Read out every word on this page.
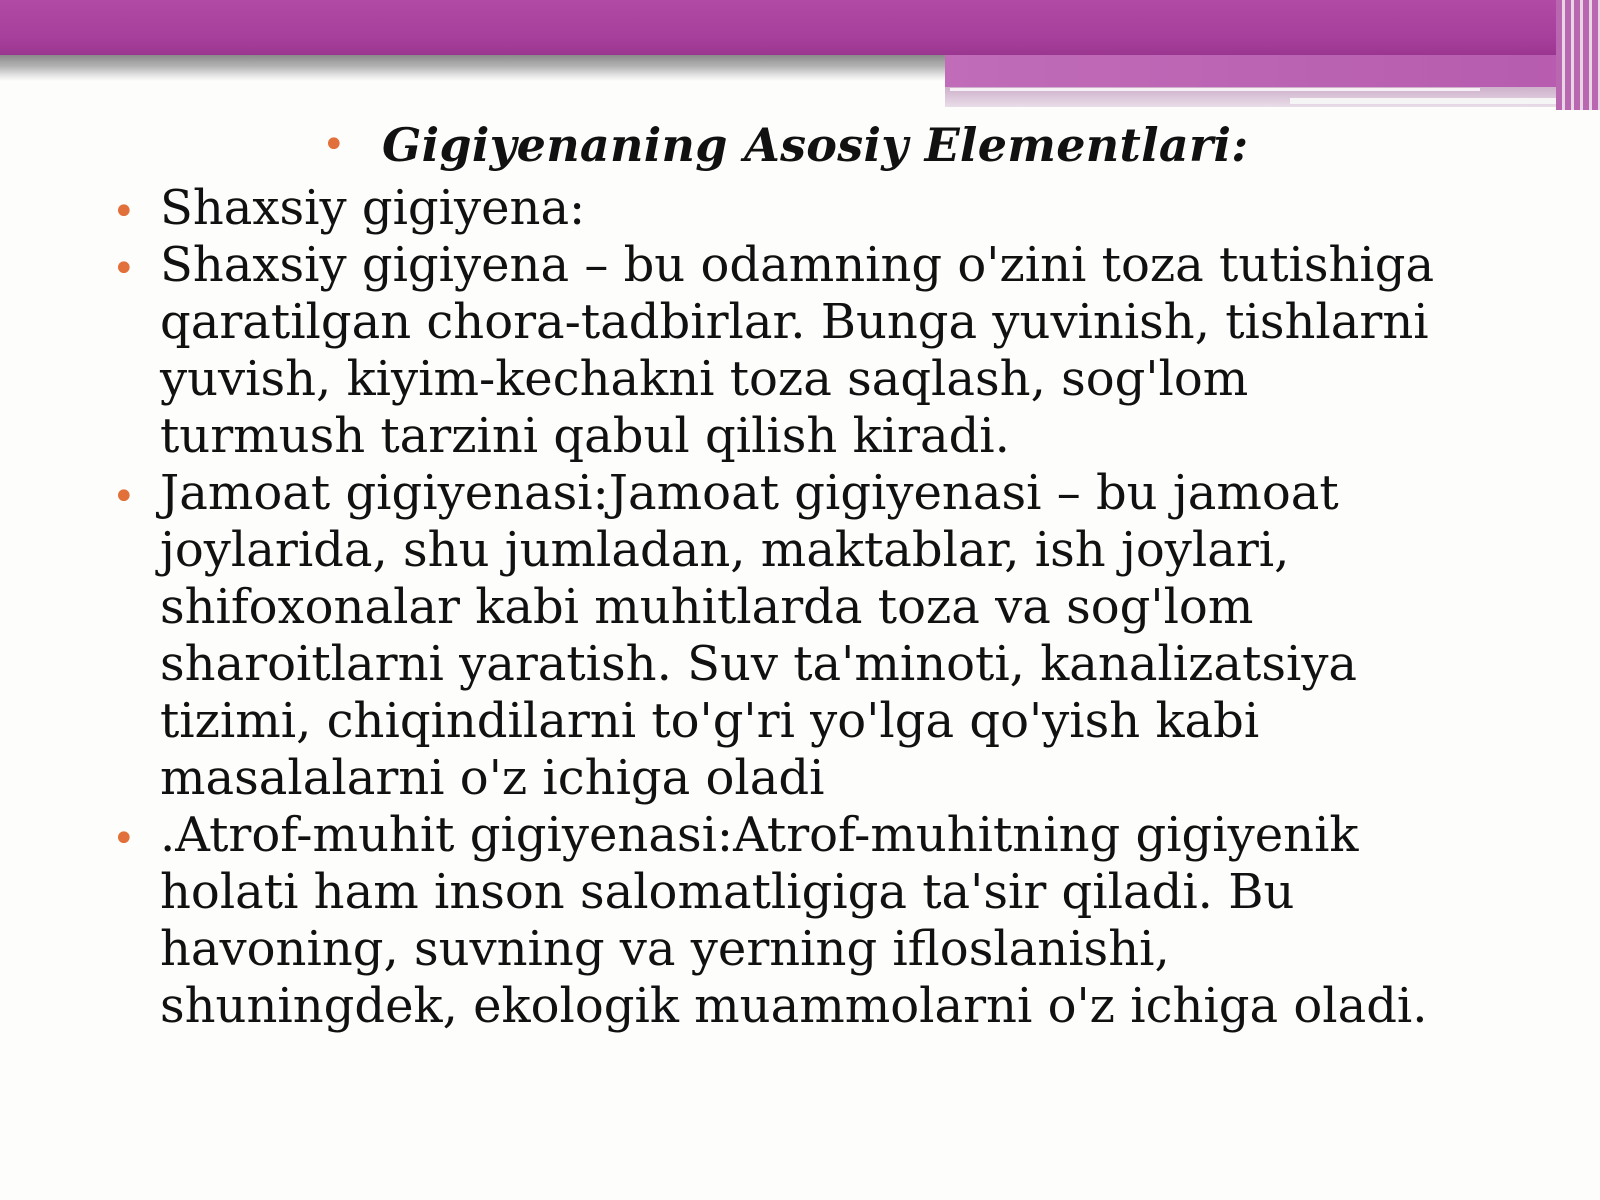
• Gigiyenaning Asosiy Elementlari:
• Shaxsiy gigiyena:
• Shaxsiy gigiyena – bu odamning o'zini toza tutishiga
qaratilgan chora-tadbirlar. Bunga yuvinish, tishlarni
yuvish, kiyim-kechakni toza saqlash, sog'lom
turmush tarzini qabul qilish kiradi.
• Jamoat gigiyenasi:Jamoat gigiyenasi – bu jamoat
joylarida, shu jumladan, maktablar, ish joylari,
shifoxonalar kabi muhitlarda toza va sog'lom
sharoitlarni yaratish. Suv ta'minoti, kanalizatsiya
tizimi, chiqindilarni to'g'ri yo'lga qo'yish kabi
masalalarni o'z ichiga oladi
• .Atrof-muhit gigiyenasi:Atrof-muhitning gigiyenik
holati ham inson salomatligiga ta'sir qiladi. Bu
havoning, suvning va yerning ifloslanishi,
shuningdek, ekologik muammolarni o'z ichiga oladi.
